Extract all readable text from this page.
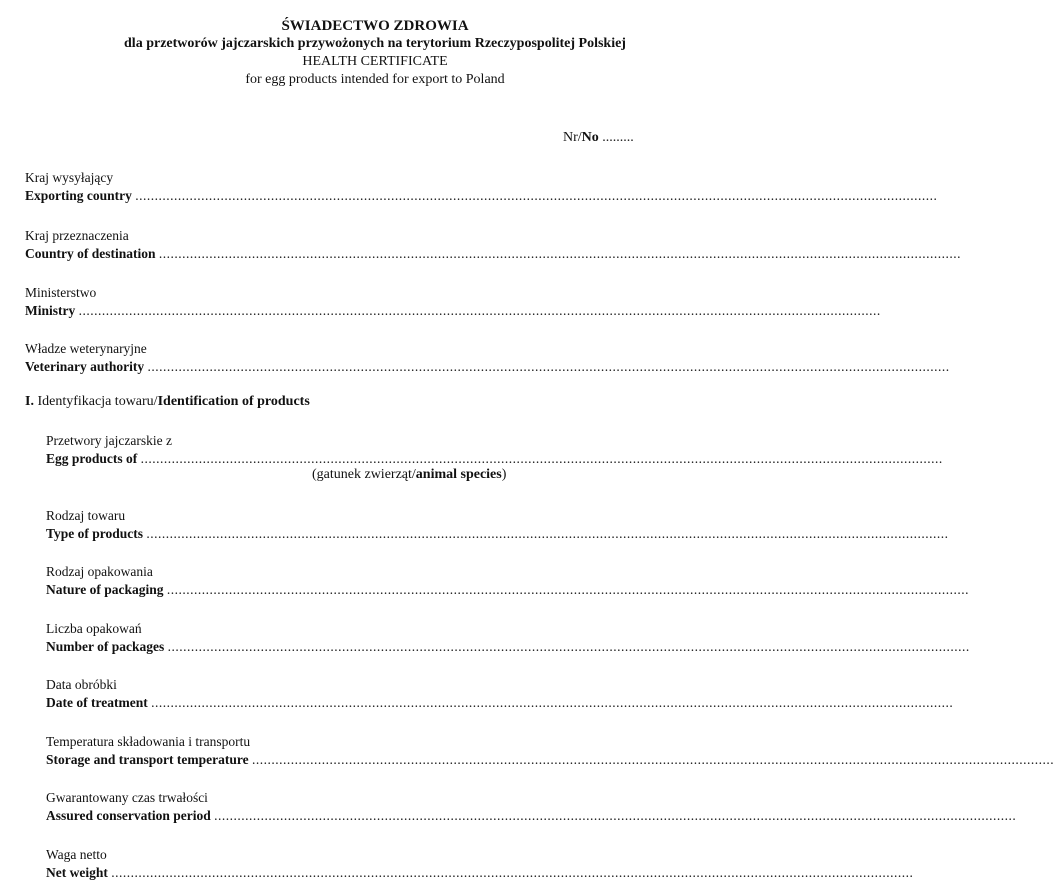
ŚWIADECTWO ZDROWIA
dla przetworów jajczarskich przywożonych na terytorium Rzeczypospolitej Polskiej
HEALTH CERTIFICATE
for egg products intended for export to Poland
Nr/No .........
Kraj wysyłający
Exporting country ...............................................................................................................................................................................................................
Kraj przeznaczenia
Country of destination ...............................................................................................................................................................................................................
Ministerstwo
Ministry ...............................................................................................................................................................................................................
Władze weterynaryjne
Veterinary authority ...............................................................................................................................................................................................................
I. Identyfikacja towaru/Identification of products
Przetwory jajczarskie z
Egg products of ...............................................................................................................................................................................................................
(gatunek zwierząt/animal species)
Rodzaj towaru
Type of products ...............................................................................................................................................................................................................
Rodzaj opakowania
Nature of packaging ...............................................................................................................................................................................................................
Liczba opakowań
Number of packages ...............................................................................................................................................................................................................
Data obróbki
Date of treatment ...............................................................................................................................................................................................................
Temperatura składowania i transportu
Storage and transport temperature ...............................................................................................................................................................................................................
Gwarantowany czas trwałości
Assured conservation period ...............................................................................................................................................................................................................
Waga netto
Net weight ...............................................................................................................................................................................................................
